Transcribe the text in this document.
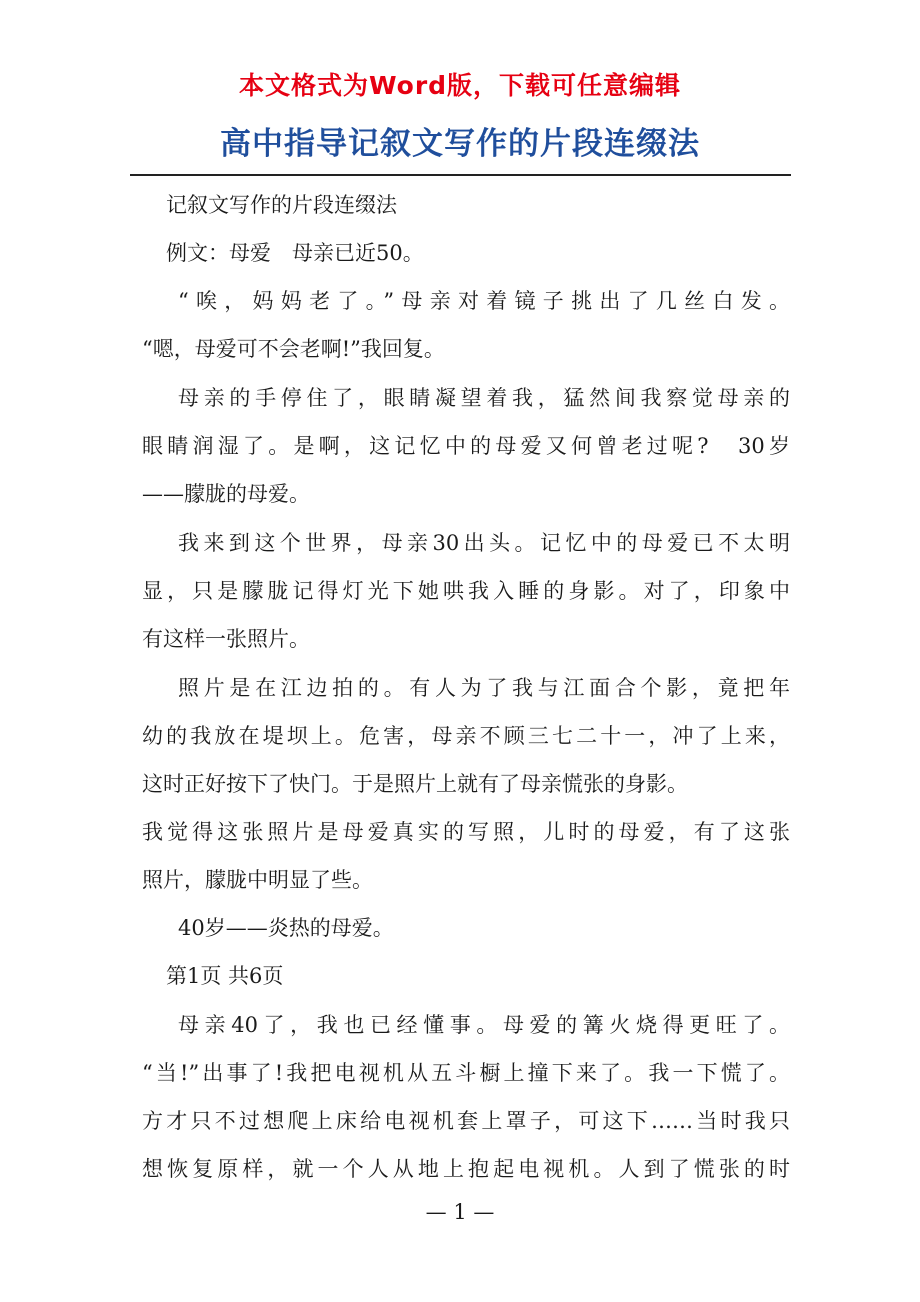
本文格式为Word版，下载可任意编辑
高中指导记叙文写作的片段连缀法
记叙文写作的片段连缀法
例文：母爱　母亲已近50。
“唉，妈妈老了。”母亲对着镜子挑出了几丝白发。
“嗯，母爱可不会老啊!”我回复。
母亲的手停住了，眼睛凝望着我，猛然间我察觉母亲的
眼睛润湿了。是啊，这记忆中的母爱又何曾老过呢?　30岁
——朦胧的母爱。
我来到这个世界，母亲30出头。记忆中的母爱已不太明
显，只是朦胧记得灯光下她哄我入睡的身影。对了，印象中
有这样一张照片。
照片是在江边拍的。有人为了我与江面合个影，竟把年
幼的我放在堤坝上。危害，母亲不顾三七二十一，冲了上来，
这时正好按下了快门。于是照片上就有了母亲慌张的身影。
我觉得这张照片是母爱真实的写照，儿时的母爱，有了这张
照片，朦胧中明显了些。
40岁——炎热的母爱。
第1页 共6页
母亲40了，我也已经懂事。母爱的篝火烧得更旺了。
“当!”出事了!我把电视机从五斗橱上撞下来了。我一下慌了。
方才只不过想爬上床给电视机套上罩子，可这下……当时我只
想恢复原样，就一个人从地上抱起电视机。人到了慌张的时
— 1 —
